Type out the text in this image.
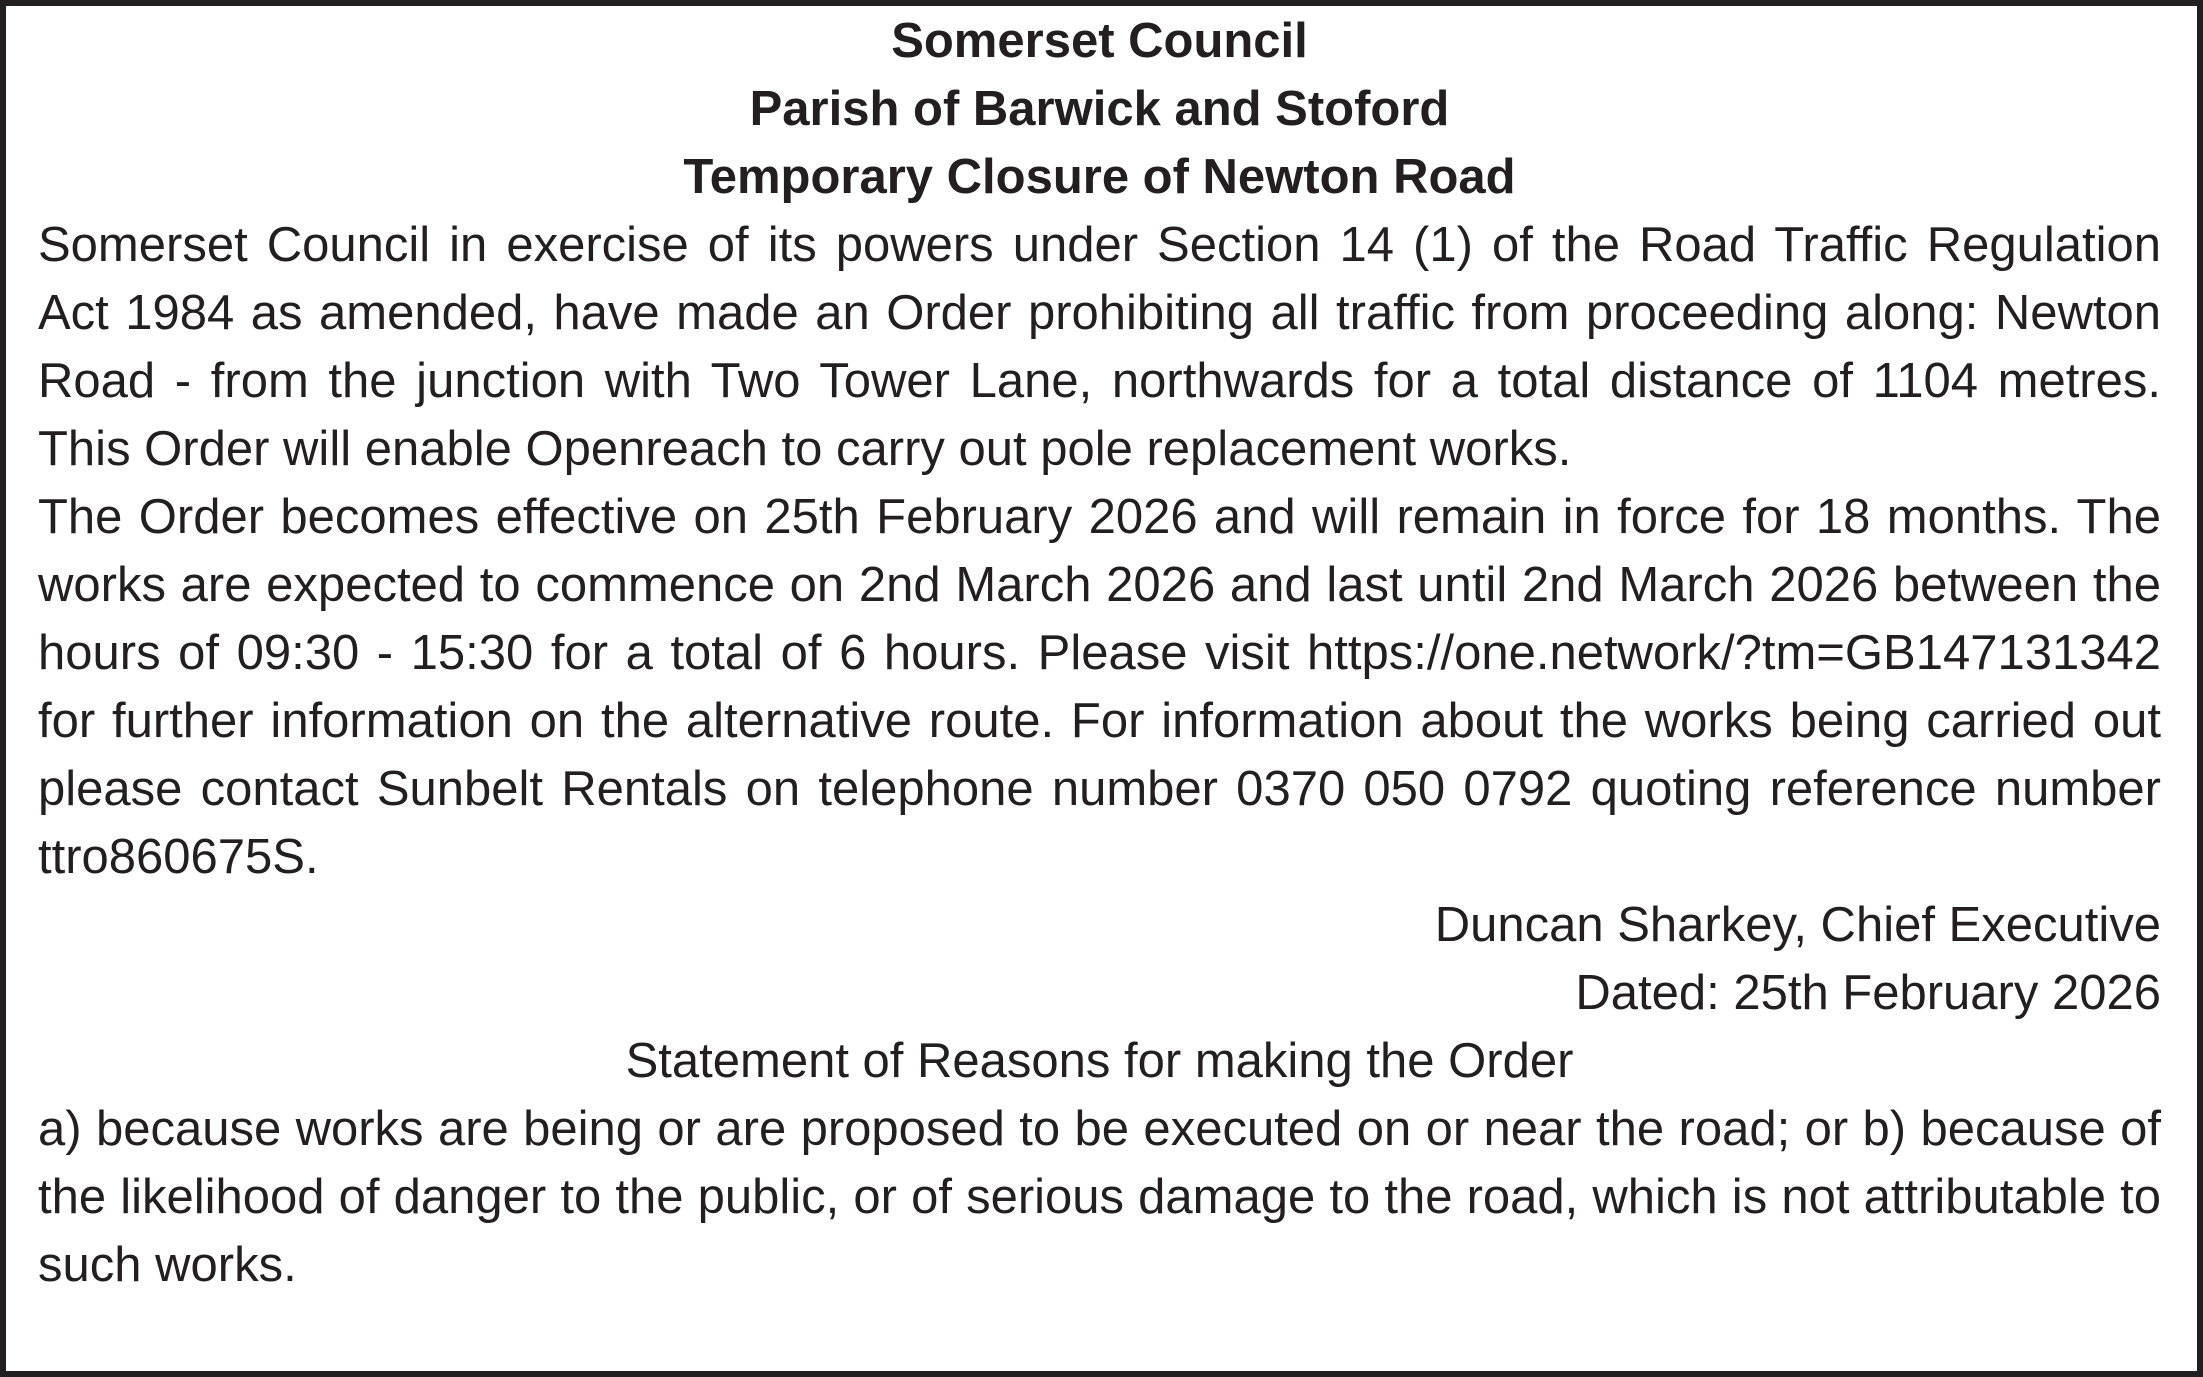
Somerset Council
Parish of Barwick and Stoford
Temporary Closure of Newton Road

Somerset Council in exercise of its powers under Section 14 (1) of the Road Traffic Regulation Act 1984 as amended, have made an Order prohibiting all traffic from proceeding along: Newton Road - from the junction with Two Tower Lane, northwards for a total distance of 1104 metres. This Order will enable Openreach to carry out pole replacement works.

The Order becomes effective on 25th February 2026 and will remain in force for 18 months. The works are expected to commence on 2nd March 2026 and last until 2nd March 2026 between the hours of 09:30 - 15:30 for a total of 6 hours. Please visit https://one.network/?tm=GB147131342 for further information on the alternative route. For information about the works being carried out please contact Sunbelt Rentals on telephone number 0370 050 0792 quoting reference number ttro860675S.

Duncan Sharkey, Chief Executive
Dated: 25th February 2026
Statement of Reasons for making the Order

a) because works are being or are proposed to be executed on or near the road; or b) because of the likelihood of danger to the public, or of serious damage to the road, which is not attributable to such works.
